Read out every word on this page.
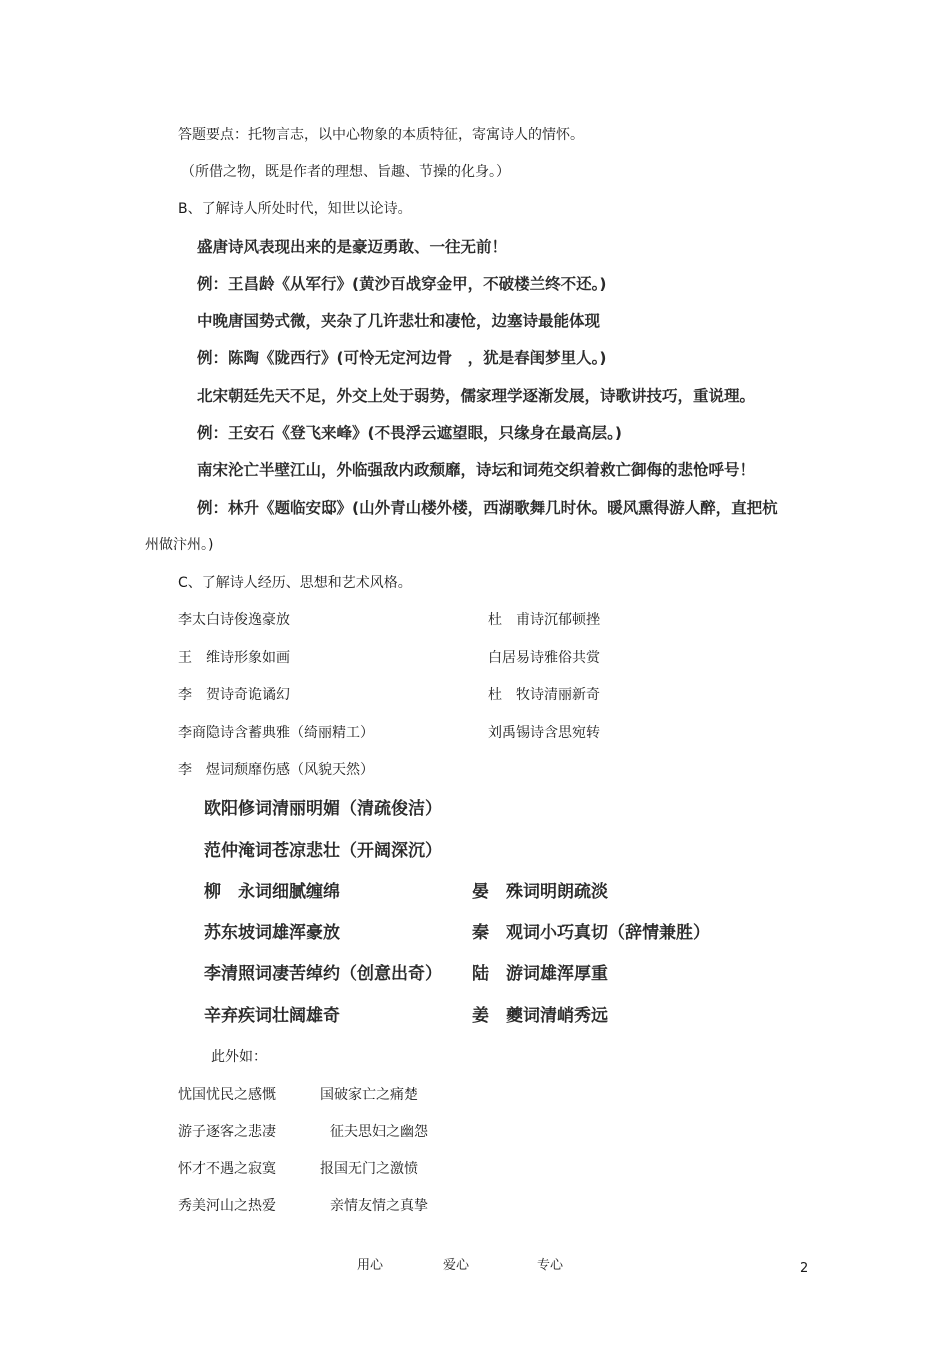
答题要点：托物言志，以中心物象的本质特征，寄寓诗人的情怀。
（所借之物，既是作者的理想、旨趣、节操的化身。）
B、了解诗人所处时代，知世以论诗。
盛唐诗风表现出来的是豪迈勇敢、一往无前！
例：王昌龄《从军行》(黄沙百战穿金甲，不破楼兰终不还。)
中晚唐国势式微，夹杂了几许悲壮和凄怆，边塞诗最能体现
例：陈陶《陇西行》(可怜无定河边骨　，犹是春闺梦里人。)
北宋朝廷先天不足，外交上处于弱势，儒家理学逐渐发展，诗歌讲技巧，重说理。
例：王安石《登飞来峰》(不畏浮云遮望眼，只缘身在最高层。)
南宋沦亡半壁江山，外临强敌内政颓靡，诗坛和词苑交织着救亡御侮的悲怆呼号！
例：林升《题临安邸》(山外青山楼外楼，西湖歌舞几时休。暖风熏得游人醉，直把杭
州做汴州。)
C、了解诗人经历、思想和艺术风格。
李太白诗俊逸豪放	杜　甫诗沉郁顿挫
王　维诗形象如画	白居易诗雅俗共赏
李　贺诗奇诡谲幻	杜　牧诗清丽新奇
李商隐诗含蓄典雅（绮丽精工）	刘禹锡诗含思宛转
李　煜词颓靡伤感（风貌天然）
欧阳修词清丽明媚（清疏俊洁）
范仲淹词苍凉悲壮（开阔深沉）
柳　永词细腻缠绵	晏　殊词明朗疏淡
苏东坡词雄浑豪放	秦　观词小巧真切（辞情兼胜）
李清照词凄苦绰约（创意出奇） 陆　游词雄浑厚重
辛弃疾词壮阔雄奇	姜　夔词清峭秀远
此外如：
忧国忧民之感慨	国破家亡之痛楚
游子逐客之悲凄	征夫思妇之幽怨
怀才不遇之寂寞	报国无门之激愤
秀美河山之热爱	亲情友情之真挚
用心	爱心	专心	2
